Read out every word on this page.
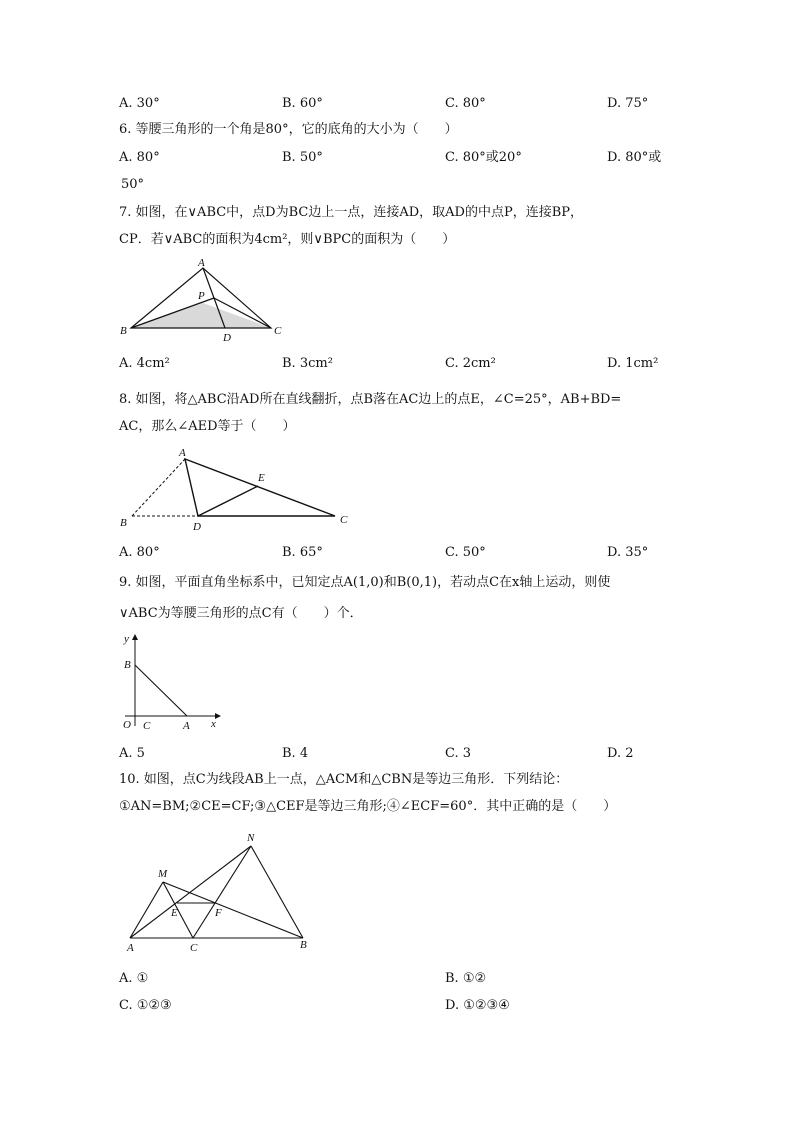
A. 30°	B. 60°	C. 80°	D. 75°
6. 等腰三角形的一个角是80°，它的底角的大小为（　　）
A. 80°	B. 50°	C. 80°或20°	D. 80°或
50°
7. 如图，在∨ABC中，点D为BC边上一点，连接AD，取AD的中点P，连接BP，
CP．若∨ABC的面积为4cm²，则∨BPC的面积为（　　）
A
P
B
D
C
A. 4cm²	B. 3cm²	C. 2cm²	D. 1cm²
8. 如图，将△ABC沿AD所在直线翻折，点B落在AC边上的点E，∠C=25°，AB+BD=
AC，那么∠AED等于（　　）
A
E
B	D
C
A. 80°	B. 65°	C. 50°	D. 35°
9. 如图，平面直角坐标系中，已知定点A(1,0)和B(0,1)，若动点C在x轴上运动，则使
∨ABC为等腰三角形的点C有（　　）个．
y
B
O C	A x
A. 5	B. 4	C. 3	D. 2
10. 如图，点C为线段AB上一点，△ACM和△CBN是等边三角形．下列结论：
①AN=BM;②CE=CF;③△CEF是等边三角形;④∠ECF=60°．其中正确的是（　　）
N
M
E	F
A	C	B
A. ①	B. ①②
C. ①②③	D. ①②③④
